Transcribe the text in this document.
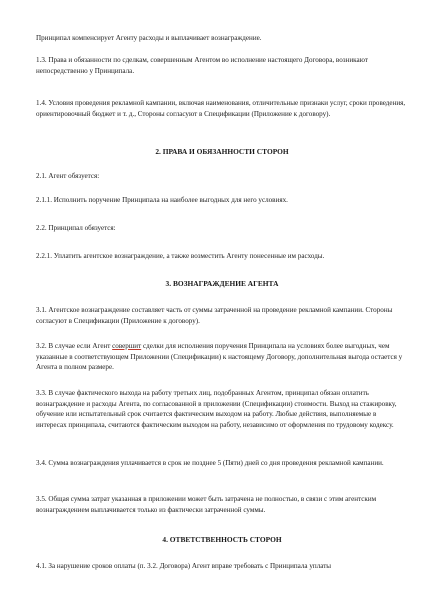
Принципал компенсирует Агенту расходы и выплачивает вознаграждение.

1.3. Права и обязанности по сделкам, совершенным Агентом во исполнение настоящего Договора, возникают непосредственно у Принципала.

1.4. Условия проведения рекламной кампании, включая наименования, отличительные признаки услуг, сроки проведения, ориентировочный бюджет и т. д., Стороны согласуют в Спецификации (Приложение к договору).

2. ПРАВА И ОБЯЗАННОСТИ СТОРОН

2.1. Агент обязуется:

2.1.1. Исполнить поручение Принципала на наиболее выгодных для него условиях.

2.2. Принципал обязуется:

2.2.1. Уплатить агентское вознаграждение, а также возместить Агенту понесенные им расходы.

3. ВОЗНАГРАЖДЕНИЕ АГЕНТА

3.1. Агентское вознаграждение составляет часть от суммы затраченной на проведение рекламной кампании. Стороны согласуют в Спецификации (Приложение к договору).

3.2. В случае если Агент совершит сделки для исполнения поручения Принципала на условиях более выгодных, чем указанные в соответствующем Приложении (Спецификации) к настоящему Договору, дополнительная выгода остается у Агента в полном размере.

3.3. В случае фактического выхода на работу третьих лиц, подобранных Агентом, принципал обязан оплатить вознаграждение и расходы Агента, по согласованной в приложении (Спецификации) стоимости. Выход на стажировку, обучение или испытательный срок считается фактическим выходом на работу. Любые действия, выполняемые в интересах принципала, считаются фактическим выходом на работу, независимо от оформления по трудовому кодексу.

3.4. Сумма вознаграждения уплачивается в срок не позднее 5 (Пяти) дней со дня проведения рекламной кампании.

3.5. Общая сумма затрат указанная в приложении может быть затрачена не полностью, в связи с этим агентским вознаграждением выплачивается только из фактически затраченной суммы.

4. ОТВЕТСТВЕННОСТЬ СТОРОН

4.1. За нарушение сроков оплаты (п. 3.2. Договора) Агент вправе требовать с Принципала уплаты
